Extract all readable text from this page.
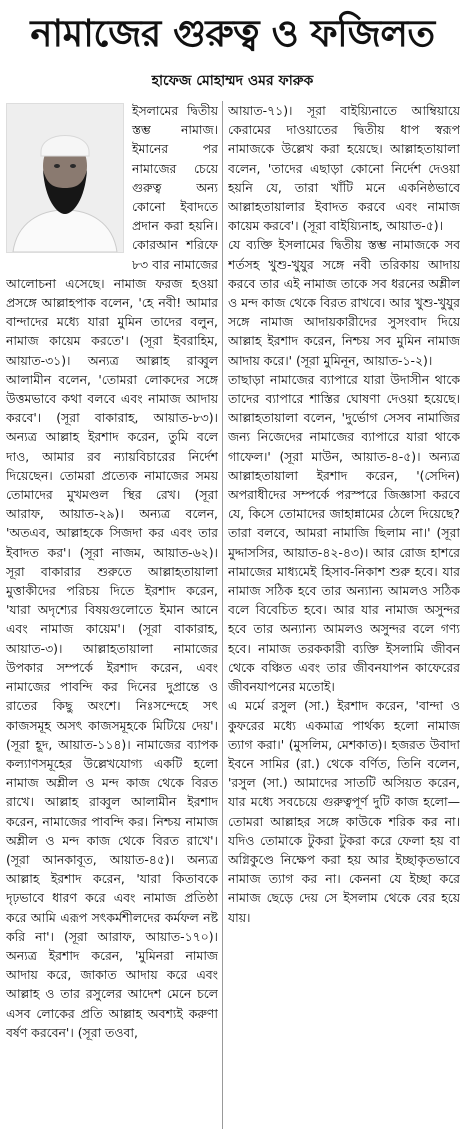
নামাজের গুরুত্ব ও ফজিলত
হাফেজ মোহাম্মদ ওমর ফারুক

ইসলামের দ্বিতীয় স্তম্ভ নামাজ। ইমানের পর নামাজের চেয়ে গুরুত্ব অন্য কোনো ইবাদতে প্রদান করা হয়নি। কোরআন শরিফে ৮৩ বার নামাজের আলোচনা এসেছে। নামাজ ফরজ হওয়া প্রসঙ্গে আল্লাহপাক বলেন, 'হে নবী! আমার বান্দাদের মধ্যে যারা মুমিন তাদের বলুন, নামাজ কায়েম করতে'। (সূরা ইবরাহিম, আয়াত-৩১)। অন্যত্র আল্লাহ রাব্বুল আলামীন বলেন, 'তোমরা লোকদের সঙ্গে উত্তমভাবে কথা বলবে এবং নামাজ আদায় করবে'। (সূরা বাকারাহ, আয়াত-৮৩)। অন্যত্র আল্লাহ ইরশাদ করেন, তুমি বলে দাও, আমার রব ন্যায়বিচারের নির্দেশ দিয়েছেন। তোমরা প্রত্যেক নামাজের সময় তোমাদের মুখমণ্ডল স্থির রেখ। (সূরা আরাফ, আয়াত-২৯)। অন্যত্র বলেন, 'অতএব, আল্লাহকে সিজদা কর এবং তার ইবাদত কর'। (সূরা নাজম, আয়াত-৬২)। সূরা বাকারার শুরুতে আল্লাহতায়ালা মুত্তাকীদের পরিচয় দিতে ইরশাদ করেন, 'যারা অদৃশ্যের বিষয়গুলোতে ইমান আনে এবং নামাজ কায়েম'। (সূরা বাকারাহ, আয়াত-৩)। আল্লাহতায়ালা নামাজের উপকার সম্পর্কে ইরশাদ করেন, এবং নামাজের পাবন্দি কর দিনের দুপ্রান্তে ও রাতের কিছু অংশে। নিঃসন্দেহে সৎ কাজসমূহ অসৎ কাজসমূহকে মিটিয়ে দেয়'। (সূরা হূদ, আয়াত-১১৪)। নামাজের ব্যাপক কল্যাণসমূহের উল্লেখযোগ্য একটি হলো নামাজ অশ্লীল ও মন্দ কাজ থেকে বিরত রাখে। আল্লাহ রাব্বুল আলামীন ইরশাদ করেন, নামাজের পাবন্দি কর। নিশ্চয় নামাজ অশ্লীল ও মন্দ কাজ থেকে বিরত রাখে'। (সূরা আনকাবূত, আয়াত-৪৫)। অন্যত্র আল্লাহ ইরশাদ করেন, 'যারা কিতাবকে দৃঢ়ভাবে ধারণ করে এবং নামাজ প্রতিষ্ঠা করে আমি এরূপ সৎকর্মশীলদের কর্মফল নষ্ট করি না'। (সূরা আরাফ, আয়াত-১৭০)। অন্যত্র ইরশাদ করেন, 'মুমিনরা নামাজ আদায় করে, জাকাত আদায় করে এবং আল্লাহ ও তার রসুলের আদেশ মেনে চলে এসব লোকের প্রতি আল্লাহ অবশ্যই করুণা বর্ষণ করবেন'। (সূরা তওবা,

আয়াত-৭১)। সূরা বাইয়্যিনাতে আম্বিয়ায়ে কেরামের দাওয়াতের দ্বিতীয় ধাপ স্বরূপ নামাজকে উল্লেখ করা হয়েছে। আল্লাহতায়ালা বলেন, 'তাদের এছাড়া কোনো নির্দেশ দেওয়া হয়নি যে, তারা খাঁটি মনে একনিষ্ঠভাবে আল্লাহতায়ালার ইবাদত করবে এবং নামাজ কায়েম করবে'। (সূরা বাইয়্যিনাহ, আয়াত-৫)।

যে ব্যক্তি ইসলামের দ্বিতীয় স্তম্ভ নামাজকে সব শর্তসহ খুশু-খুযুর সঙ্গে নবী তরিকায় আদায় করবে তার এই নামাজ তাকে সব ধরনের অশ্লীল ও মন্দ কাজ থেকে বিরত রাখবে। আর খুশু-খুযুর সঙ্গে নামাজ আদায়কারীদের সুসংবাদ দিয়ে আল্লাহ ইরশাদ করেন, নিশ্চয় সব মুমিন নামাজ আদায় করে।' (সূরা মুমিনূন, আয়াত-১-২)।

তাছাড়া নামাজের ব্যাপারে যারা উদাসীন থাকে তাদের ব্যাপারে শাস্তির ঘোষণা দেওয়া হয়েছে। আল্লাহতায়ালা বলেন, 'দুর্ভোগ সেসব নামাজির জন্য নিজেদের নামাজের ব্যাপারে যারা থাকে গাফেল।' (সূরা মাউন, আয়াত-৪-৫)। অন্যত্র আল্লাহতায়ালা ইরশাদ করেন, '(সেদিন) অপরাধীদের সম্পর্কে পরস্পরে জিজ্ঞাসা করবে যে, কিসে তোমাদের জাহান্নামের ঠেলে দিয়েছে? তারা বলবে, আমরা নামাজি ছিলাম না।' (সূরা মুদ্দাসসির, আয়াত-৪২-৪৩)। আর রোজ হাশরে নামাজের মাধ্যমেই হিসাব-নিকাশ শুরু হবে। যার নামাজ সঠিক হবে তার অন্যান্য আমলও সঠিক বলে বিবেচিত হবে। আর যার নামাজ অসুন্দর হবে তার অন্যান্য আমলও অসুন্দর বলে গণ্য হবে। নামাজ তরককারী ব্যক্তি ইসলামি জীবন থেকে বঞ্চিত এবং তার জীবনযাপন কাফেরের জীবনযাপনের মতোই।

এ মর্মে রসুল (সা.) ইরশাদ করেন, 'বান্দা ও কুফরের মধ্যে একমাত্র পার্থক্য হলো নামাজ ত্যাগ করা।' (মুসলিম, মেশকাত)। হজরত উবাদা ইবনে সামির (রা.) থেকে বর্ণিত, তিনি বলেন, 'রসুল (সা.) আমাদের সাতটি অসিয়ত করেন, যার মধ্যে সবচেয়ে গুরুত্বপূর্ণ দুটি কাজ হলো— তোমরা আল্লাহর সঙ্গে কাউকে শরিক কর না। যদিও তোমাকে টুকরা টুকরা করে ফেলা হয় বা অগ্নিকুণ্ডে নিক্ষেপ করা হয় আর ইচ্ছাকৃতভাবে নামাজ ত্যাগ কর না। কেননা যে ইচ্ছা করে নামাজ ছেড়ে দেয় সে ইসলাম থেকে বের হয়ে যায়।
